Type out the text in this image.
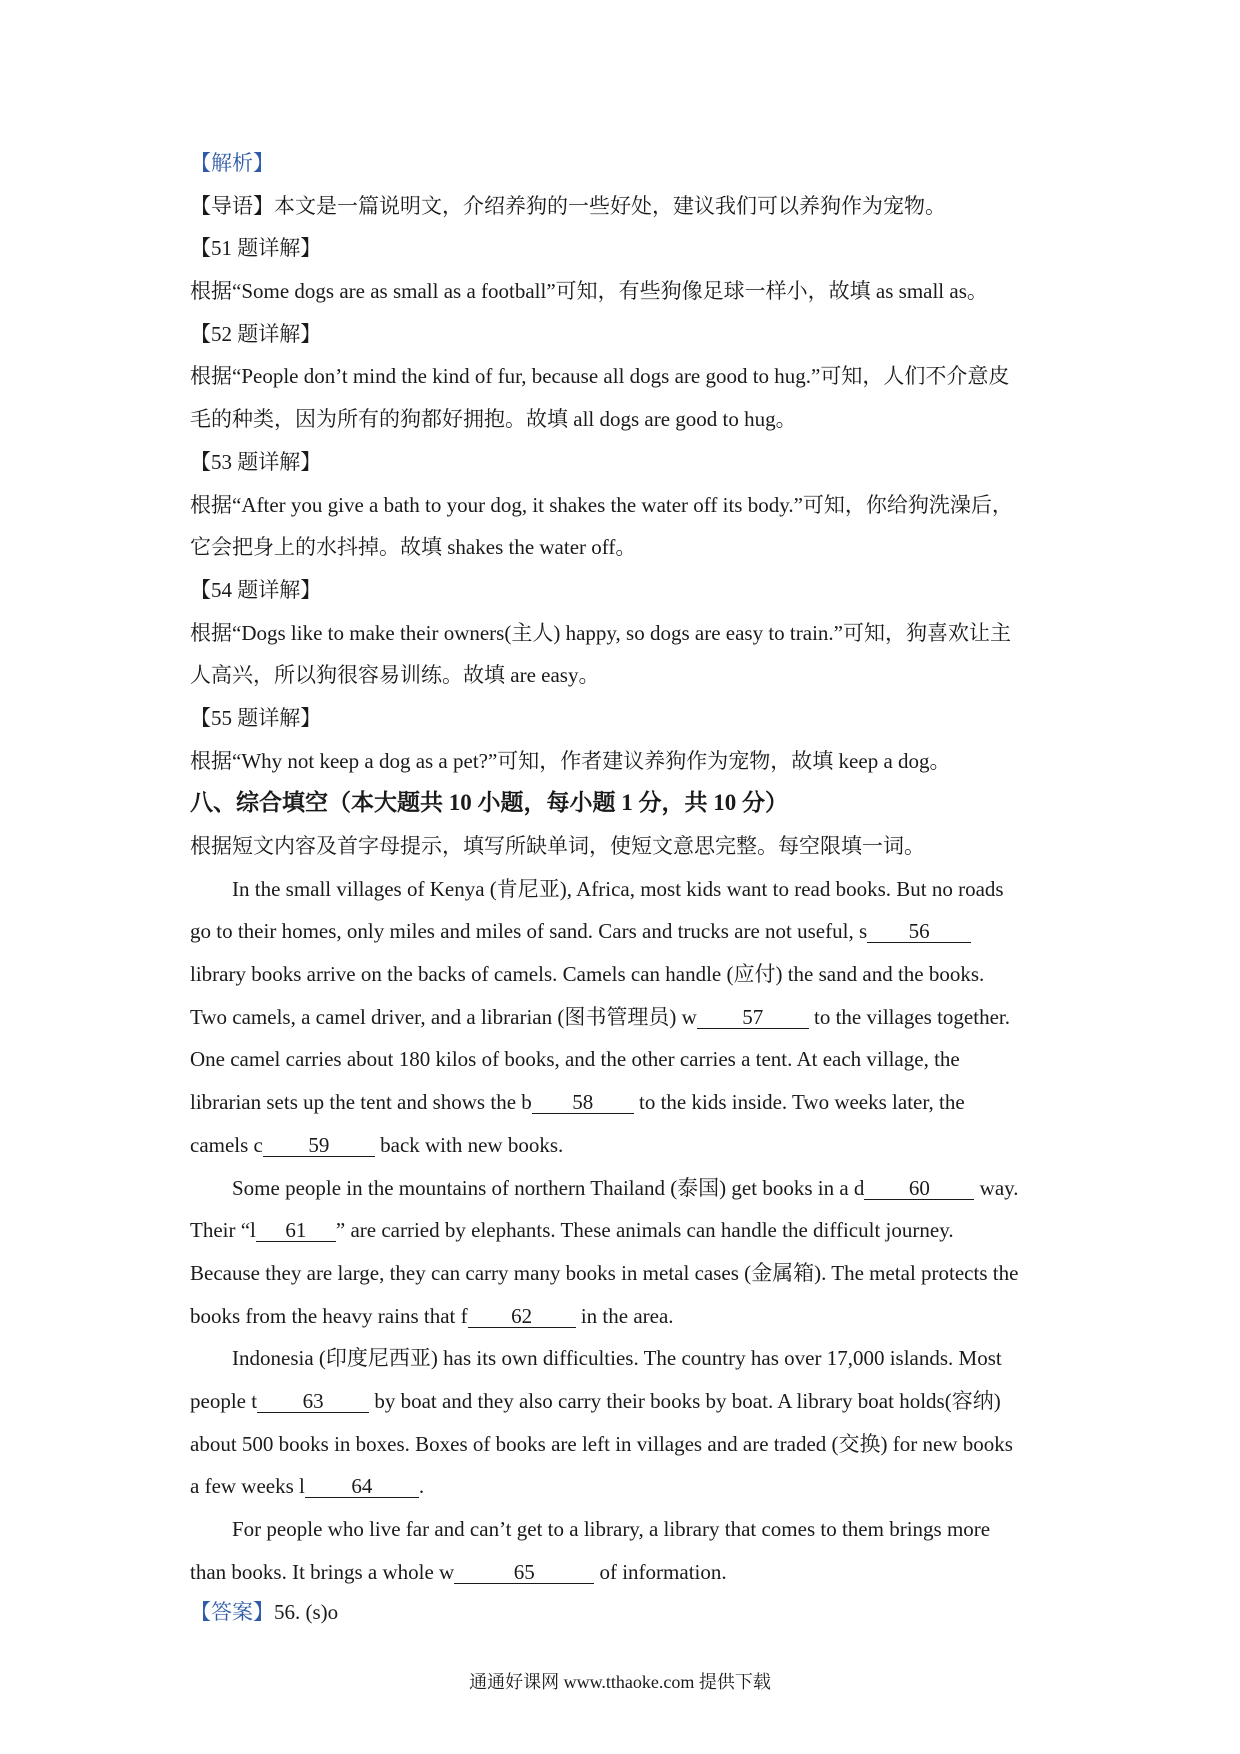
【解析】
【导语】本文是一篇说明文，介绍养狗的一些好处，建议我们可以养狗作为宠物。
【51 题详解】
根据“Some dogs are as small as a football”可知，有些狗像足球一样小，故填 as small as。
【52 题详解】
根据“People don’t mind the kind of fur, because all dogs are good to hug.”可知，人们不介意皮
毛的种类，因为所有的狗都好拥抱。故填 all dogs are good to hug。
【53 题详解】
根据“After you give a bath to your dog, it shakes the water off its body.”可知，你给狗洗澡后，
它会把身上的水抖掉。故填 shakes the water off。
【54 题详解】
根据“Dogs like to make their owners(主人) happy, so dogs are easy to train.”可知，狗喜欢让主
人高兴，所以狗很容易训练。故填 are easy。
【55 题详解】
根据“Why not keep a dog as a pet?”可知，作者建议养狗作为宠物，故填 keep a dog。
八、综合填空（本大题共 10 小题，每小题 1 分，共 10 分）
根据短文内容及首字母提示，填写所缺单词，使短文意思完整。每空限填一词。
In the small villages of Kenya (肯尼亚), Africa, most kids want to read books. But no roads
go to their homes, only miles and miles of sand. Cars and trucks are not useful, s 56
library books arrive on the backs of camels. Camels can handle (应付) the sand and the books.
Two camels, a camel driver, and a librarian (图书管理员) w 57 to the villages together.
One camel carries about 180 kilos of books, and the other carries a tent. At each village, the
librarian sets up the tent and shows the b 58 to the kids inside. Two weeks later, the
camels c 59 back with new books.
Some people in the mountains of northern Thailand (泰国) get books in a d 60 way.
Their “l 61 ” are carried by elephants. These animals can handle the difficult journey.
Because they are large, they can carry many books in metal cases (金属箱). The metal protects the
books from the heavy rains that f 62 in the area.
Indonesia (印度尼西亚) has its own difficulties. The country has over 17,000 islands. Most
people t 63 by boat and they also carry their books by boat. A library boat holds(容纳)
about 500 books in boxes. Boxes of books are left in villages and are traded (交换) for new books
a few weeks l 64 .
For people who live far and can’t get to a library, a library that comes to them brings more
than books. It brings a whole w	65	of information.
【答案】56. (s)o
通通好课网 www.tthaoke.com 提供下载
